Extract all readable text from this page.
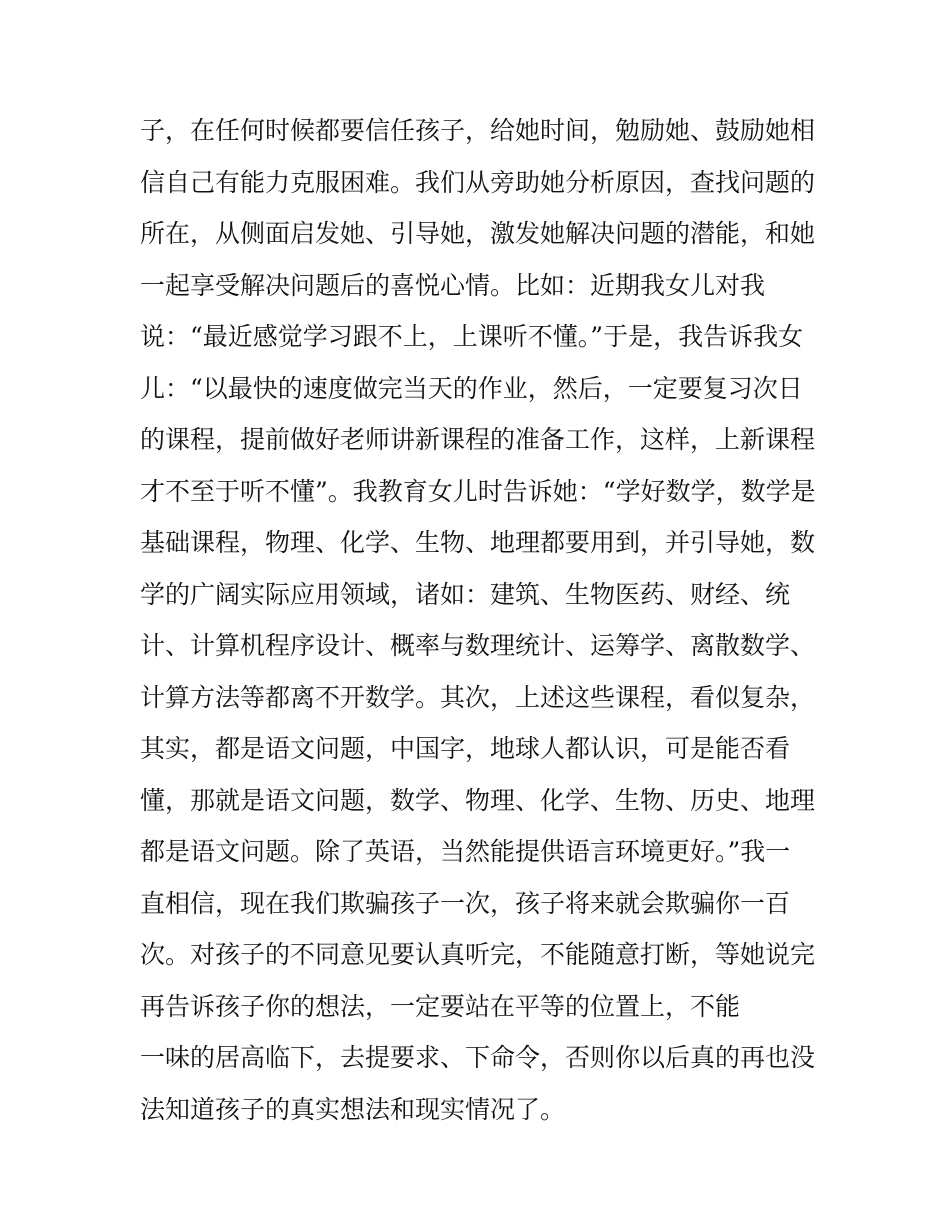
子，在任何时候都要信任孩子，给她时间，勉励她、鼓励她相
信自己有能力克服困难。我们从旁助她分析原因，查找问题的
所在，从侧面启发她、引导她，激发她解决问题的潜能，和她
一起享受解决问题后的喜悦心情。比如：近期我女儿对我
说：“最近感觉学习跟不上，上课听不懂。”于是，我告诉我女
儿：“以最快的速度做完当天的作业，然后，一定要复习次日
的课程，提前做好老师讲新课程的准备工作，这样，上新课程
才不至于听不懂”。我教育女儿时告诉她：“学好数学，数学是
基础课程，物理、化学、生物、地理都要用到，并引导她，数
学的广阔实际应用领域，诸如：建筑、生物医药、财经、统
计、计算机程序设计、概率与数理统计、运筹学、离散数学、
计算方法等都离不开数学。其次，上述这些课程，看似复杂，
其实，都是语文问题，中国字，地球人都认识，可是能否看
懂，那就是语文问题，数学、物理、化学、生物、历史、地理
都是语文问题。除了英语，当然能提供语言环境更好。”我一
直相信，现在我们欺骗孩子一次，孩子将来就会欺骗你一百
次。对孩子的不同意见要认真听完，不能随意打断，等她说完
再告诉孩子你的想法，一定要站在平等的位置上，不能
一味的居高临下，去提要求、下命令，否则你以后真的再也没
法知道孩子的真实想法和现实情况了。
